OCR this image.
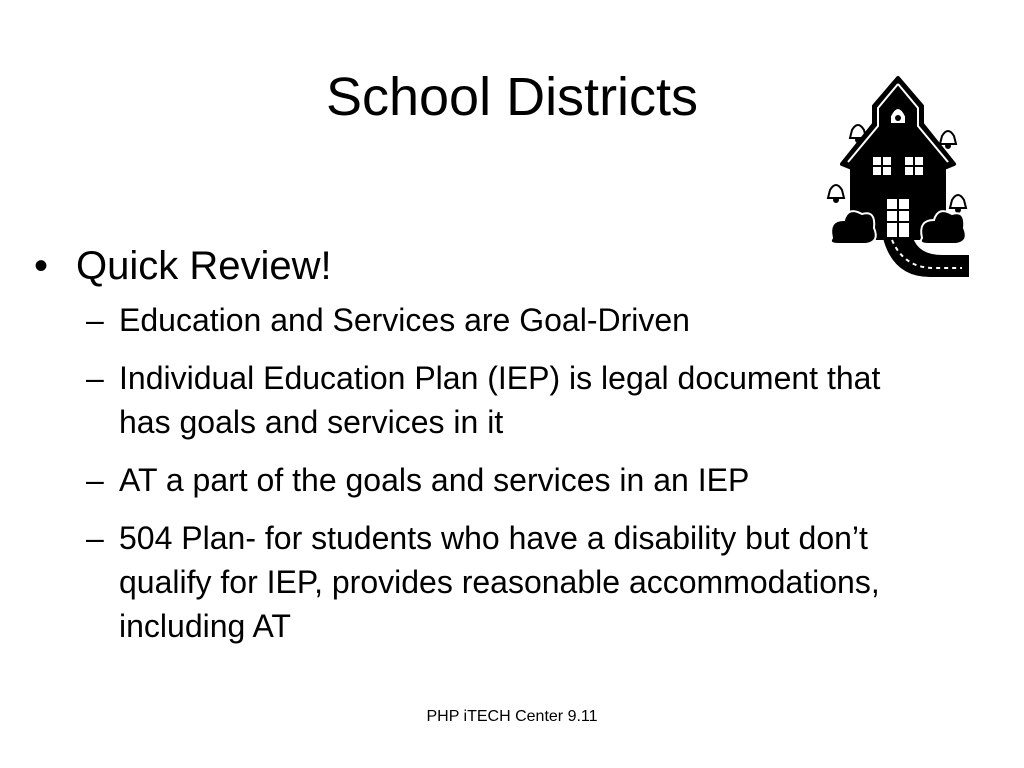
School Districts
• Quick Review!
– Education and Services are Goal-Driven
– Individual Education Plan (IEP) is legal document that has goals and services in it
– AT a part of the goals and services in an IEP
– 504 Plan- for students who have a disability but don’t qualify for IEP, provides reasonable accommodations, including AT
PHP iTECH Center 9.11
